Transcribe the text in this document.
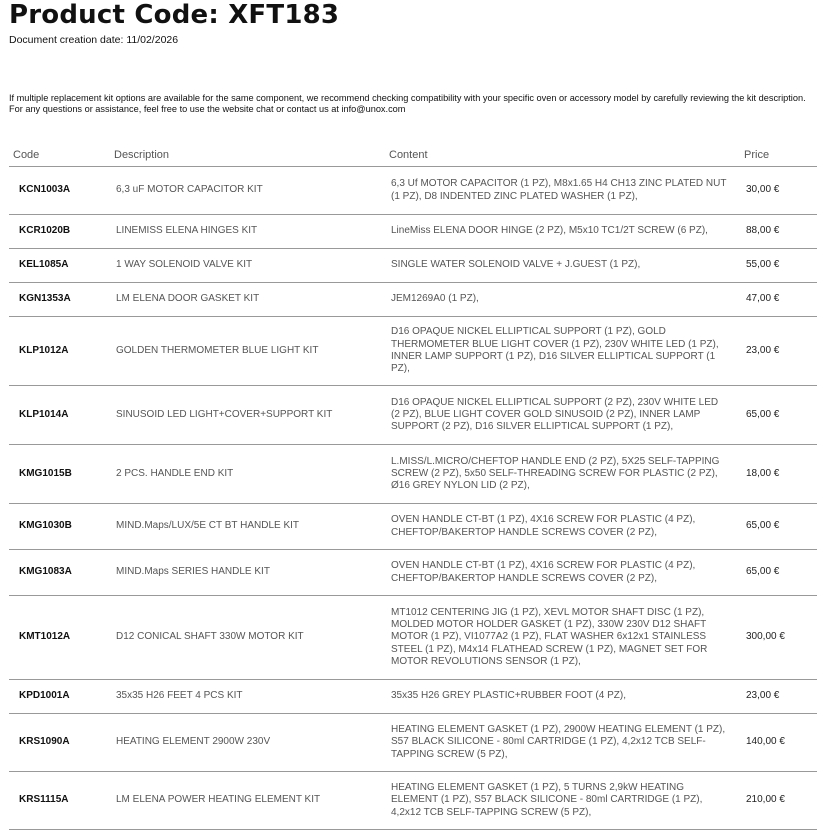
Product Code: XFT183
Document creation date: 11/02/2026
If multiple replacement kit options are available for the same component, we recommend checking compatibility with your specific oven or accessory model by carefully reviewing the kit description.
For any questions or assistance, feel free to use the website chat or contact us at info@unox.com
Code	Description	Content	Price
KCN1003A	6,3 uF MOTOR CAPACITOR KIT	6,3 Uf MOTOR CAPACITOR (1 PZ), M8x1.65 H4 CH13 ZINC PLATED NUT (1 PZ), D8 INDENTED ZINC PLATED WASHER (1 PZ),	30,00 €
KCR1020B	LINEMISS ELENA HINGES KIT	LineMiss ELENA DOOR HINGE (2 PZ), M5x10 TC1/2T SCREW (6 PZ),	88,00 €
KEL1085A	1 WAY SOLENOID VALVE KIT	SINGLE WATER SOLENOID VALVE + J.GUEST (1 PZ),	55,00 €
KGN1353A	LM ELENA DOOR GASKET KIT	JEM1269A0 (1 PZ),	47,00 €
KLP1012A	GOLDEN THERMOMETER BLUE LIGHT KIT	D16 OPAQUE NICKEL ELLIPTICAL SUPPORT (1 PZ), GOLD THERMOMETER BLUE LIGHT COVER (1 PZ), 230V WHITE LED (1 PZ), INNER LAMP SUPPORT (1 PZ), D16 SILVER ELLIPTICAL SUPPORT (1 PZ),	23,00 €
KLP1014A	SINUSOID LED LIGHT+COVER+SUPPORT KIT	D16 OPAQUE NICKEL ELLIPTICAL SUPPORT (2 PZ), 230V WHITE LED (2 PZ), BLUE LIGHT COVER GOLD SINUSOID (2 PZ), INNER LAMP SUPPORT (2 PZ), D16 SILVER ELLIPTICAL SUPPORT (1 PZ),	65,00 €
KMG1015B	2 PCS. HANDLE END KIT	L.MISS/L.MICRO/CHEFTOP HANDLE END (2 PZ), 5X25 SELF-TAPPING SCREW (2 PZ), 5x50 SELF-THREADING SCREW FOR PLASTIC (2 PZ), Ø16 GREY NYLON LID (2 PZ),	18,00 €
KMG1030B	MIND.Maps/LUX/5E CT BT HANDLE KIT	OVEN HANDLE CT-BT (1 PZ), 4X16 SCREW FOR PLASTIC (4 PZ), CHEFTOP/BAKERTOP HANDLE SCREWS COVER (2 PZ),	65,00 €
KMG1083A	MIND.Maps SERIES HANDLE KIT	OVEN HANDLE CT-BT (1 PZ), 4X16 SCREW FOR PLASTIC (4 PZ), CHEFTOP/BAKERTOP HANDLE SCREWS COVER (2 PZ),	65,00 €
KMT1012A	D12 CONICAL SHAFT 330W MOTOR KIT	MT1012 CENTERING JIG (1 PZ), XEVL MOTOR SHAFT DISC (1 PZ), MOLDED MOTOR HOLDER GASKET (1 PZ), 330W 230V D12 SHAFT MOTOR (1 PZ), VI1077A2 (1 PZ), FLAT WASHER 6x12x1 STAINLESS STEEL (1 PZ), M4x14 FLATHEAD SCREW (1 PZ), MAGNET SET FOR MOTOR REVOLUTIONS SENSOR (1 PZ),	300,00 €
KPD1001A	35x35 H26 FEET 4 PCS KIT	35x35 H26 GREY PLASTIC+RUBBER FOOT (4 PZ),	23,00 €
KRS1090A	HEATING ELEMENT 2900W 230V	HEATING ELEMENT GASKET (1 PZ), 2900W HEATING ELEMENT (1 PZ), S57 BLACK SILICONE - 80ml CARTRIDGE (1 PZ), 4,2x12 TCB SELF-TAPPING SCREW (5 PZ),	140,00 €
KRS1115A	LM ELENA POWER HEATING ELEMENT KIT	HEATING ELEMENT GASKET (1 PZ), 5 TURNS 2,9kW HEATING ELEMENT (1 PZ), S57 BLACK SILICONE - 80ml CARTRIDGE (1 PZ), 4,2x12 TCB SELF-TAPPING SCREW (5 PZ),	210,00 €
